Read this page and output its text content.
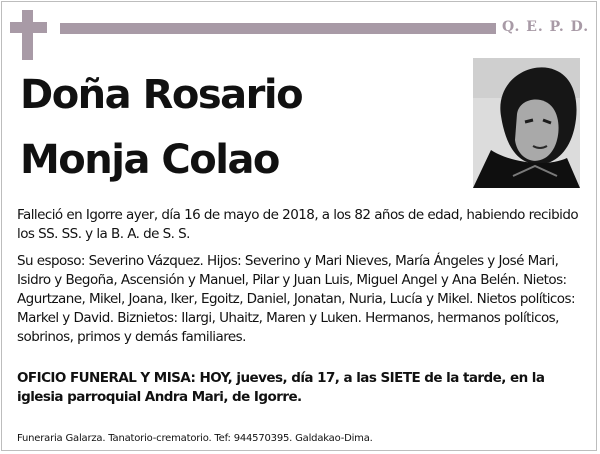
Q. E. P. D.
Doña Rosario
Monja Colao
Falleció en Igorre ayer, día 16 de mayo de 2018, a los 82 años de edad, habiendo recibido los SS. SS. y la B. A. de S. S.
Su esposo: Severino Vázquez. Hijos: Severino y Mari Nieves, María Ángeles y José Mari, Isidro y Begoña, Ascensión y Manuel, Pilar y Juan Luis, Miguel Angel y Ana Belén. Nietos: Agurtzane, Mikel, Joana, Iker, Egoitz, Daniel, Jonatan, Nuria, Lucía y Mikel. Nietos políticos: Markel y David. Biznietos: Ilargi, Uhaitz, Maren y Luken. Hermanos, hermanos políticos, sobrinos, primos y demás familiares.
OFICIO FUNERAL Y MISA: HOY, jueves, día 17, a las SIETE de la tarde, en la iglesia parroquial Andra Mari, de Igorre.
Funeraria Galarza. Tanatorio-crematorio. Tef: 944570395. Galdakao-Dima.
